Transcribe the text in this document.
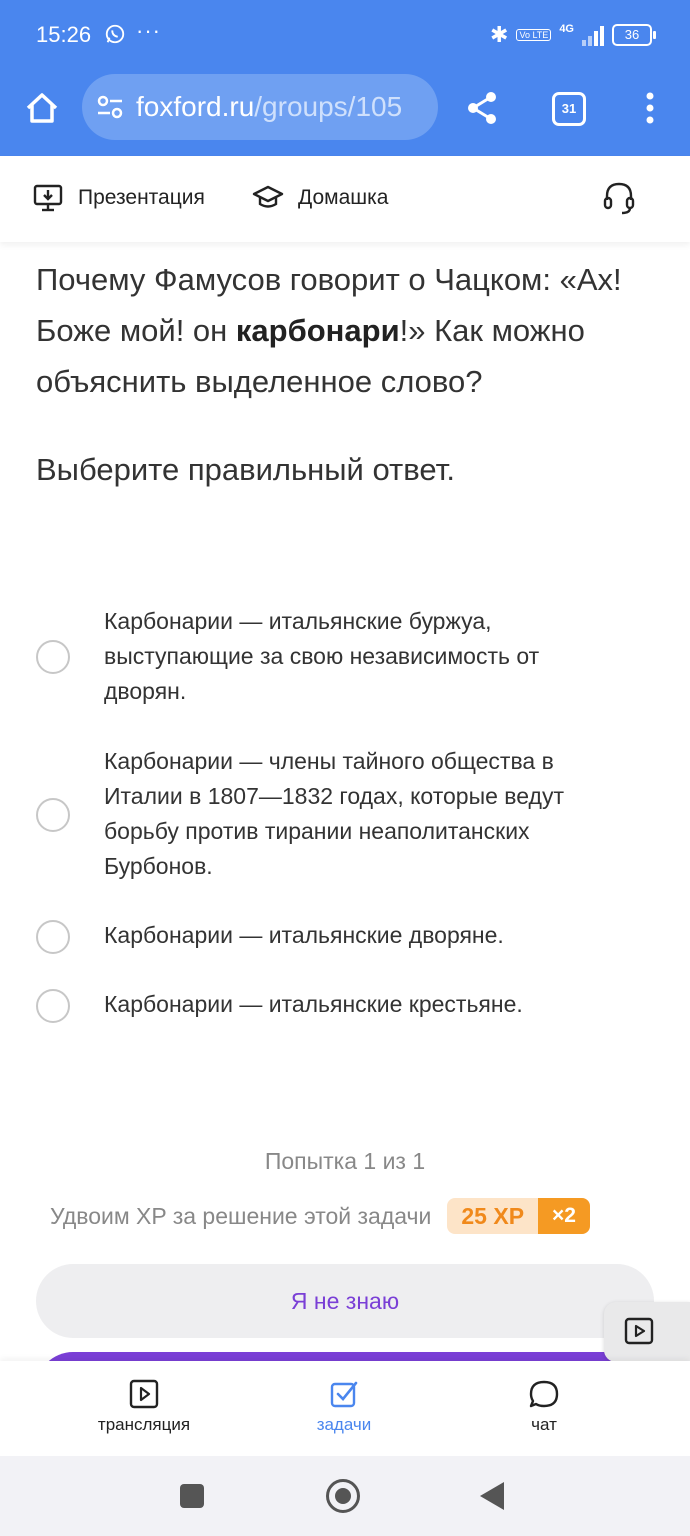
15:26 ···	✱	Vo LTE 4G	36
foxford.ru/groups/105	31
Презентация	Домашка
Почему Фамусов говорит о Чацком: «Ах! Боже мой! он карбонари!» Как можно объяснить выделенное слово?
Выберите правильный ответ.
Карбонарии — итальянские буржуа, выступающие за свою независимость от дворян.
Карбонарии — члены тайного общества в Италии в 1807—1832 годах, которые ведут борьбу против тирании неаполитанских Бурбонов.
Карбонарии — итальянские дворяне.
Карбонарии — итальянские крестьяне.
Попытка 1 из 1
Удвоим XP за решение этой задачи	25 XP	×2
Я не знаю
трансляция	задачи	чат
